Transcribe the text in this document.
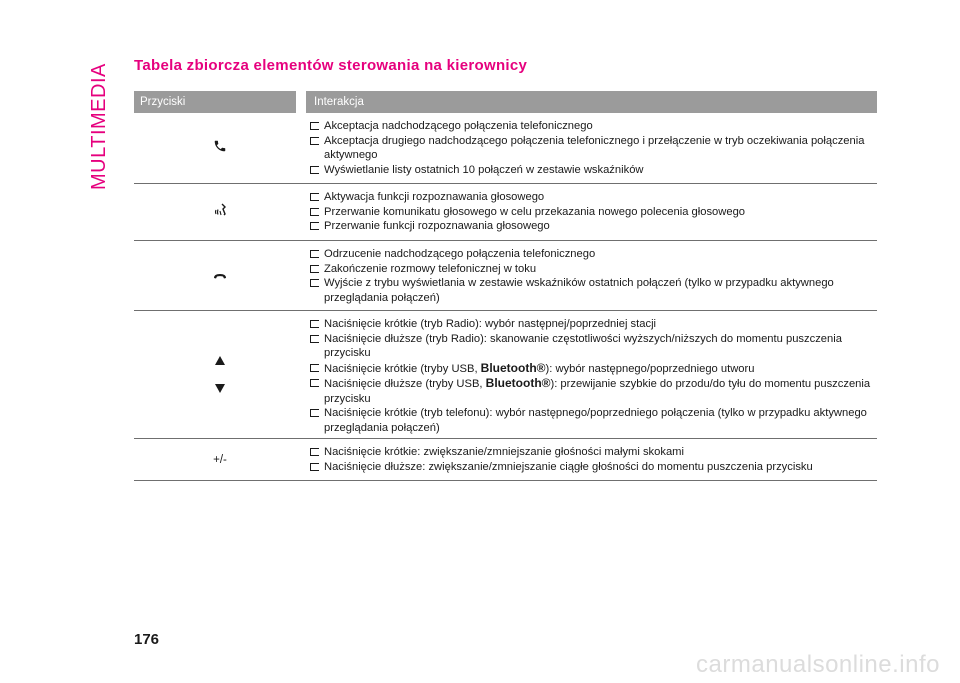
MULTIMEDIA Tabela zbiorcza elementów sterowania na kierownicy
Przyciski	Interakcja
Akceptacja nadchodzącego połączenia telefonicznego
Akceptacja drugiego nadchodzącego połączenia telefonicznego i przełączenie w tryb oczekiwania połączenia aktywnego
Wyświetlanie listy ostatnich 10 połączeń w zestawie wskaźników
Aktywacja funkcji rozpoznawania głosowego
Przerwanie komunikatu głosowego w celu przekazania nowego polecenia głosowego
Przerwanie funkcji rozpoznawania głosowego
Odrzucenie nadchodzącego połączenia telefonicznego
Zakończenie rozmowy telefonicznej w toku
Wyjście z trybu wyświetlania w zestawie wskaźników ostatnich połączeń (tylko w przypadku aktywnego przeglądania połączeń)
Naciśnięcie krótkie (tryb Radio): wybór następnej/poprzedniej stacji
Naciśnięcie dłuższe (tryb Radio): skanowanie częstotliwości wyższych/niższych do momentu puszczenia przycisku
Naciśnięcie krótkie (tryby USB, Bluetooth®): wybór następnego/poprzedniego utworu
Naciśnięcie dłuższe (tryby USB, Bluetooth®): przewijanie szybkie do przodu/do tyłu do momentu puszczenia przycisku
Naciśnięcie krótkie (tryb telefonu): wybór następnego/poprzedniego połączenia (tylko w przypadku aktywnego przeglądania połączeń)
+/-
Naciśnięcie krótkie: zwiększanie/zmniejszanie głośności małymi skokami
Naciśnięcie dłuższe: zwiększanie/zmniejszanie ciągłe głośności do momentu puszczenia przycisku
176
carmanualsonline.info
